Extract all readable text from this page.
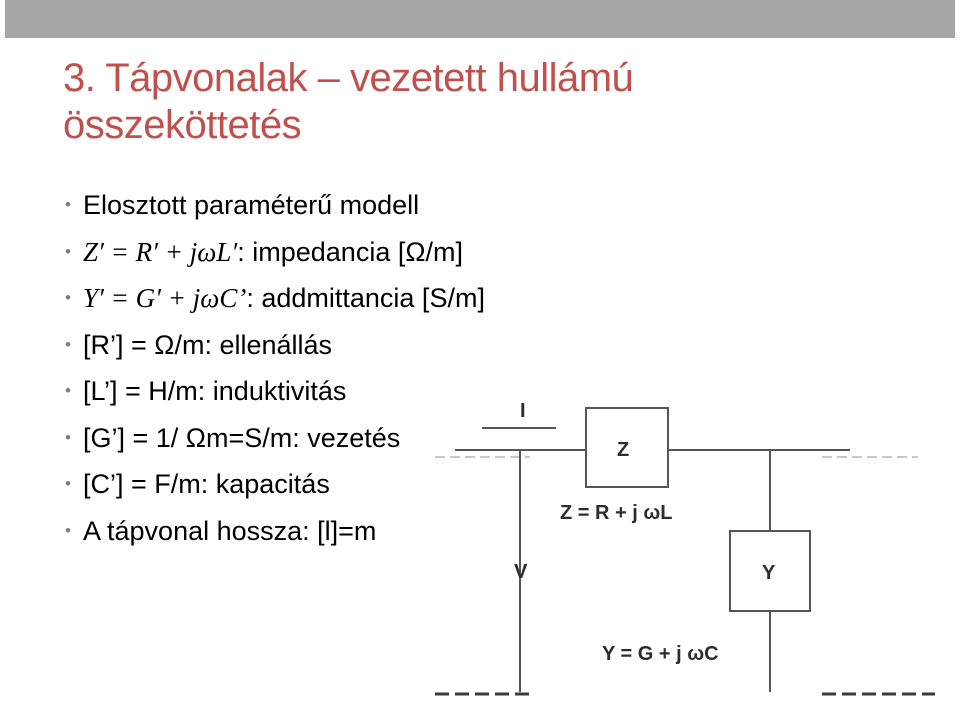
3. Tápvonalak – vezetett hullámú összeköttetés
• Elosztott paraméterű modell
• Z′ = R′ + jωL′: impedancia [Ω/m]
• Y′ = G′ + jωC’: addmittancia [S/m]
• [R’] = Ω/m: ellenállás
• [L’] = H/m: induktivitás
• [G’] = 1/ Ωm=S/m: vezetés
• [C’] = F/m: kapacitás
• A tápvonal hossza: [l]=m
I
Z
Z = R + j ωL
V	Y
Y = G + j ωC
